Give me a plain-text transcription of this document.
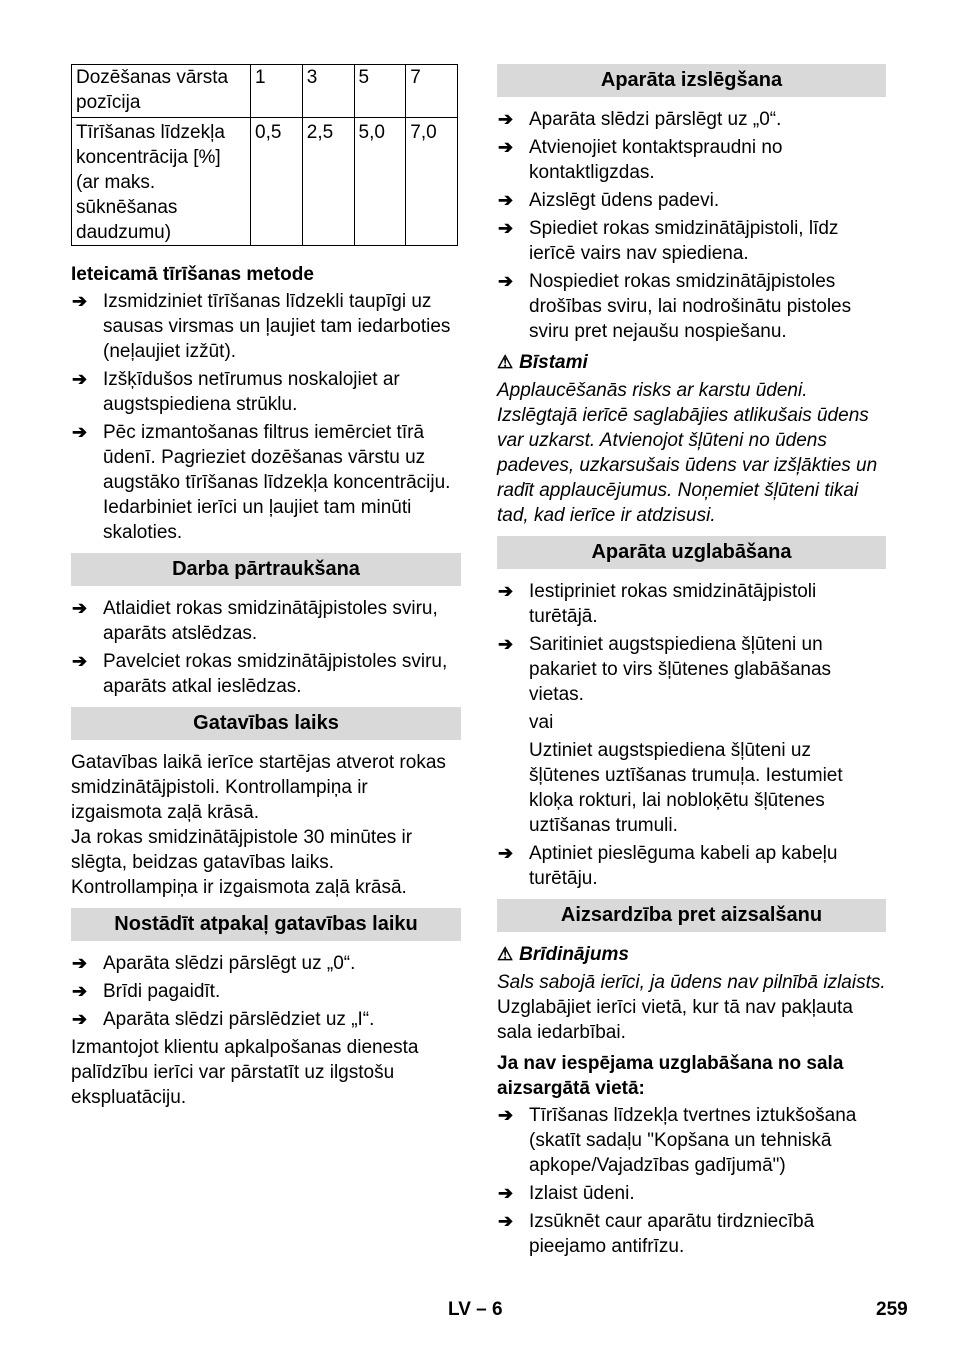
Dozēšanas vārsta pozīcija	1	3	5	7
Tīrīšanas līdzekļa koncentrācija [%] (ar maks. sūknēšanas daudzumu)	0,5	2,5	5,0	7,0
Ieteicamā tīrīšanas metode
➔ Izsmidziniet tīrīšanas līdzekli taupīgi uz sausas virsmas un ļaujiet tam iedarboties (neļaujiet izžūt).
➔ Izšķīdušos netīrumus noskalojiet ar augstspiediena strūklu.
➔ Pēc izmantošanas filtrus iemērciet tīrā ūdenī. Pagrieziet dozēšanas vārstu uz augstāko tīrīšanas līdzekļa koncentrāciju. Iedarbiniet ierīci un ļaujiet tam minūti skaloties.
Darba pārtraukšana
➔ Atlaidiet rokas smidzinātājpistoles sviru, aparāts atslēdzas.
➔ Pavelciet rokas smidzinātājpistoles sviru, aparāts atkal ieslēdzas.
Gatavības laiks

Gatavības laikā ierīce startējas atverot rokas smidzinātājpistoli. Kontrollampiņa ir izgaismota zaļā krāsā.

Ja rokas smidzinātājpistole 30 minūtes ir slēgta, beidzas gatavības laiks. Kontrollampiņa ir izgaismota zaļā krāsā.

Nostādīt atpakaļ gatavības laiku
➔ Aparāta slēdzi pārslēgt uz „0“.
➔ Brīdi pagaidīt.
➔ Aparāta slēdzi pārslēdziet uz „I“.

Izmantojot klientu apkalpošanas dienesta palīdzību ierīci var pārstatīt uz ilgstošu ekspluatāciju.

Aparāta izslēgšana
➔ Aparāta slēdzi pārslēgt uz „0“.
➔ Atvienojiet kontaktspraudni no kontaktligzdas.
➔ Aizslēgt ūdens padevi.
➔ Spiediet rokas smidzinātājpistoli, līdz ierīcē vairs nav spiediena.
➔ Nospiediet rokas smidzinātājpistoles drošības sviru, lai nodrošinātu pistoles sviru pret nejaušu nospiešanu.
⚠ Bīstami

Applaucēšanās risks ar karstu ūdeni. Izslēgtajā ierīcē saglabājies atlikušais ūdens var uzkarst. Atvienojot šļūteni no ūdens padeves, uzkarsušais ūdens var izšļākties un radīt applaucējumus. Noņemiet šļūteni tikai tad, kad ierīce ir atdzisusi.

Aparāta uzglabāšana
➔ Iestipriniet rokas smidzinātājpistoli turētājā.
➔ Saritiniet augstspiediena šļūteni un pakariet to virs šļūtenes glabāšanas vietas.
vai
Uztiniet augstspiediena šļūteni uz šļūtenes uztīšanas trumuļa. Iestumiet kloķa rokturi, lai nobloķētu šļūtenes uztīšanas trumuli.
➔ Aptiniet pieslēguma kabeli ap kabeļu turētāju.
Aizsardzība pret aizsalšanu
⚠ Brīdinājums

Sals sabojā ierīci, ja ūdens nav pilnībā izlaists.

Uzglabājiet ierīci vietā, kur tā nav pakļauta sala iedarbībai.

Ja nav iespējama uzglabāšana no sala aizsargātā vietā:
➔ Tīrīšanas līdzekļa tvertnes iztukšošana (skatīt sadaļu "Kopšana un tehniskā apkope/Vajadzības gadījumā")
➔ Izlaist ūdeni.
➔ Izsūknēt caur aparātu tirdzniecībā pieejamo antifrīzu.
LV – 6	259
